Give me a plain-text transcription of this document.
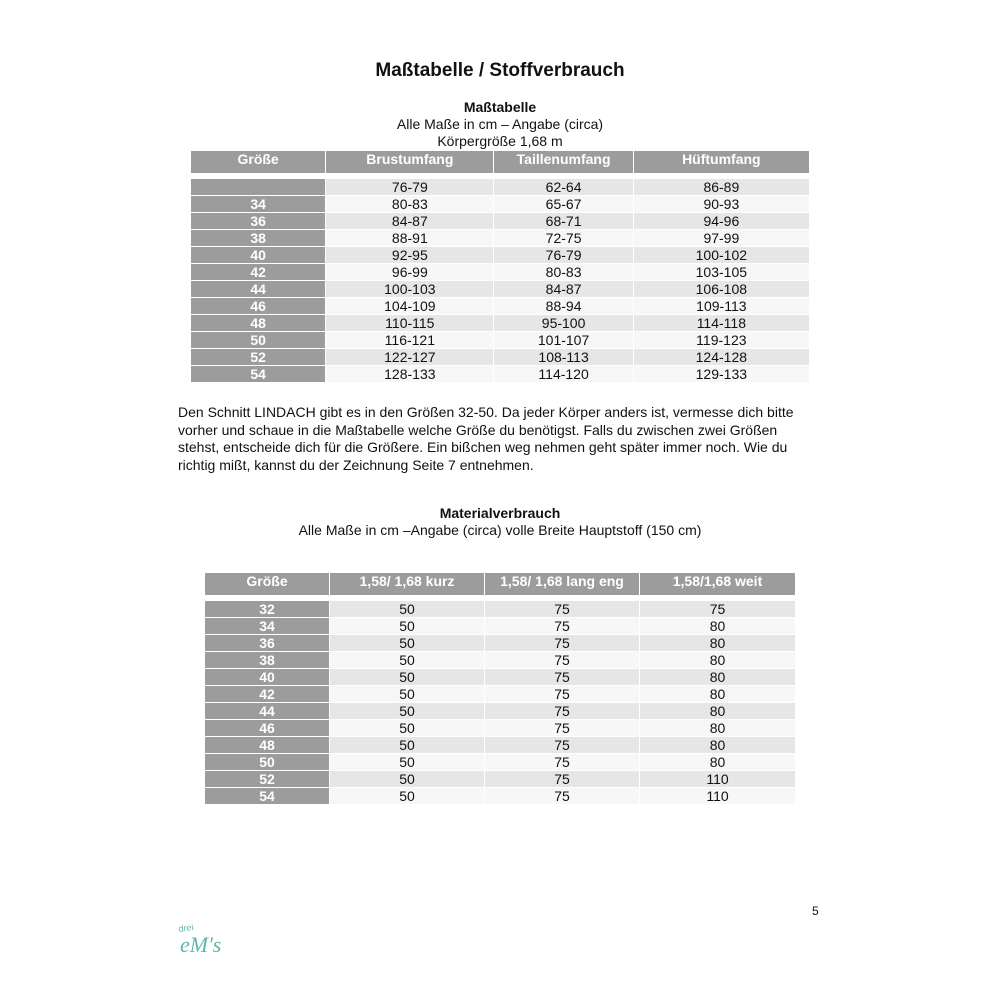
Maßtabelle / Stoffverbrauch
Maßtabelle
Alle Maße in cm – Angabe (circa)
Körpergröße 1,68 m
Größe	Brustumfang	Taillenumfang	Hüftumfang

	76-79	62-64	86-89
34	80-83	65-67	90-93
36	84-87	68-71	94-96
38	88-91	72-75	97-99
40	92-95	76-79	100-102
42	96-99	80-83	103-105
44	100-103	84-87	106-108
46	104-109	88-94	109-113
48	110-115	95-100	114-118
50	116-121	101-107	119-123
52	122-127	108-113	124-128
54	128-133	114-120	129-133
Den Schnitt LINDACH gibt es in den Größen 32-50. Da jeder Körper anders ist, vermesse dich bitte vorher und schaue in die Maßtabelle welche Größe du benötigst. Falls du zwischen zwei Größen stehst, entscheide dich für die Größere. Ein bißchen weg nehmen geht später immer noch. Wie du richtig mißt, kannst du der Zeichnung Seite 7 entnehmen.
Materialverbrauch
Alle Maße in cm –Angabe (circa) volle Breite Hauptstoff (150 cm)
Größe	1,58/ 1,68 kurz	1,58/ 1,68 lang eng	1,58/1,68 weit

32	50	75	75
34	50	75	80
36	50	75	80
38	50	75	80
40	50	75	80
42	50	75	80
44	50	75	80
46	50	75	80
48	50	75	80
50	50	75	80
52	50	75	110
54	50	75	110
5
drei
eM's
